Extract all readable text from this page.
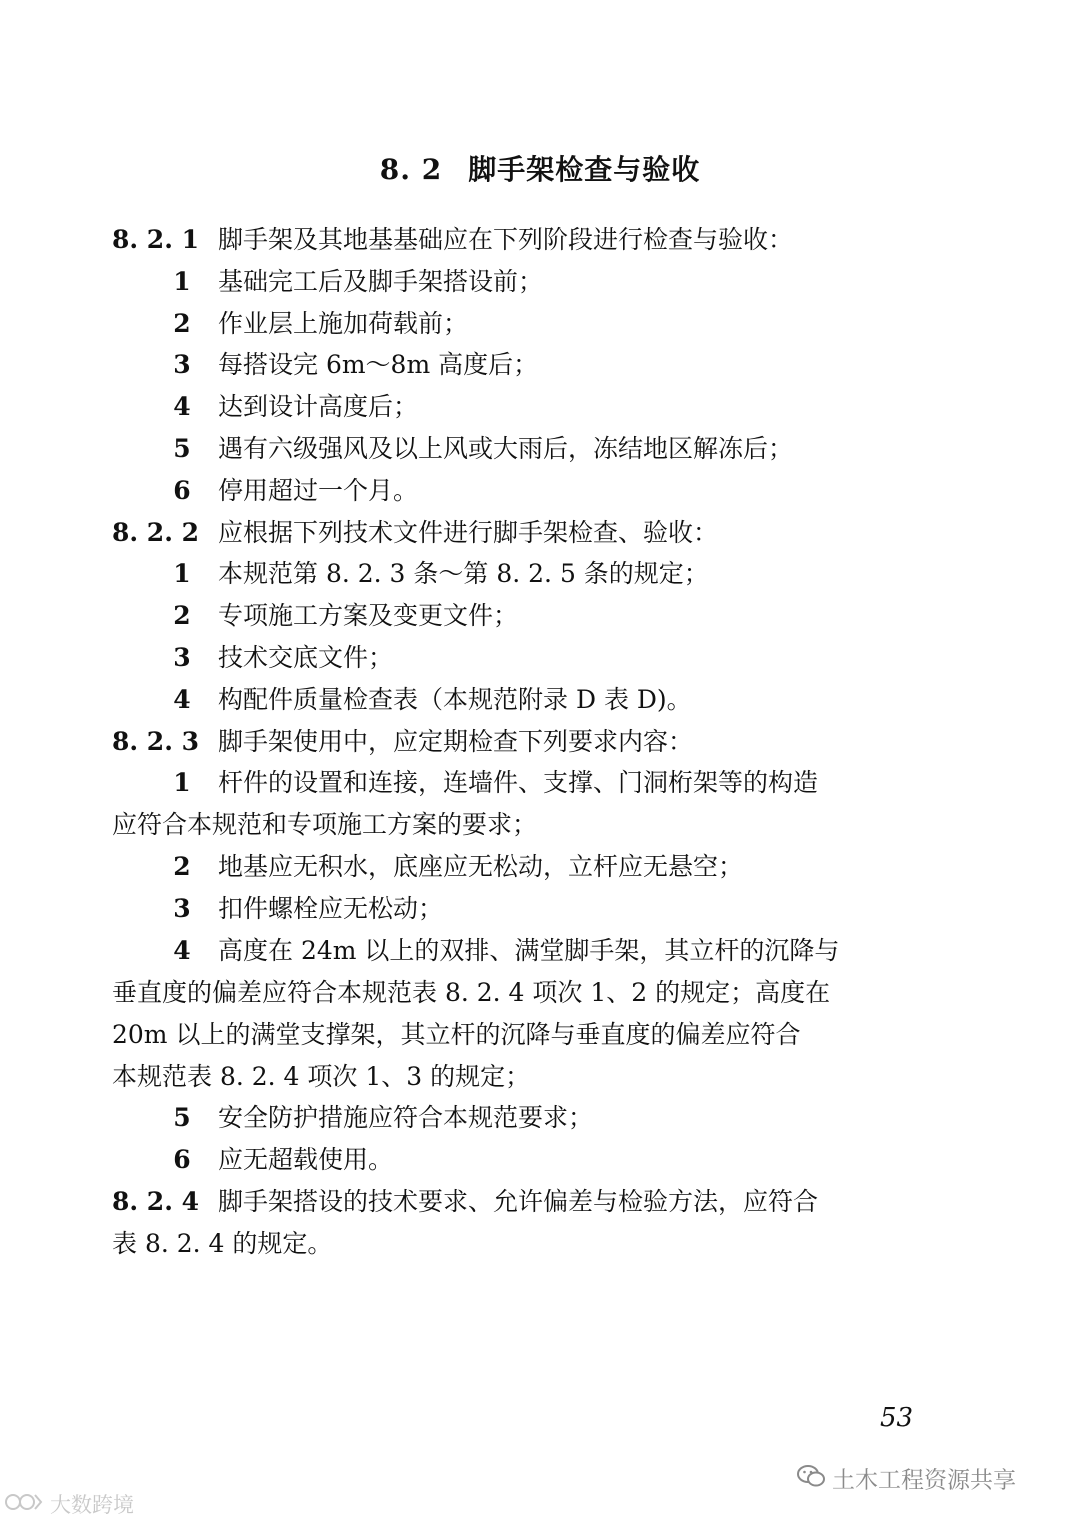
8. 2 脚手架检查与验收
8. 2. 1 脚手架及其地基基础应在下列阶段进行检查与验收：
1 基础完工后及脚手架搭设前；
2 作业层上施加荷载前；
3 每搭设完 6m～8m 高度后；
4 达到设计高度后；
5 遇有六级强风及以上风或大雨后，冻结地区解冻后；
6 停用超过一个月。
8. 2. 2 应根据下列技术文件进行脚手架检查、验收：
1 本规范第 8. 2. 3 条～第 8. 2. 5 条的规定；
2 专项施工方案及变更文件；
3 技术交底文件；
4 构配件质量检查表（本规范附录 D 表 D)。
8. 2. 3 脚手架使用中，应定期检查下列要求内容：
1 杆件的设置和连接，连墙件、支撑、门洞桁架等的构造
应符合本规范和专项施工方案的要求；
2 地基应无积水，底座应无松动，立杆应无悬空；
3 扣件螺栓应无松动；
4 高度在 24m 以上的双排、满堂脚手架，其立杆的沉降与
垂直度的偏差应符合本规范表 8. 2. 4 项次 1、2 的规定；高度在
20m 以上的满堂支撑架，其立杆的沉降与垂直度的偏差应符合
本规范表 8. 2. 4 项次 1、3 的规定；
5 安全防护措施应符合本规范要求；
6 应无超载使用。
8. 2. 4 脚手架搭设的技术要求、允许偏差与检验方法，应符合
表 8. 2. 4 的规定。
53
土木工程资源共享
大数跨境
